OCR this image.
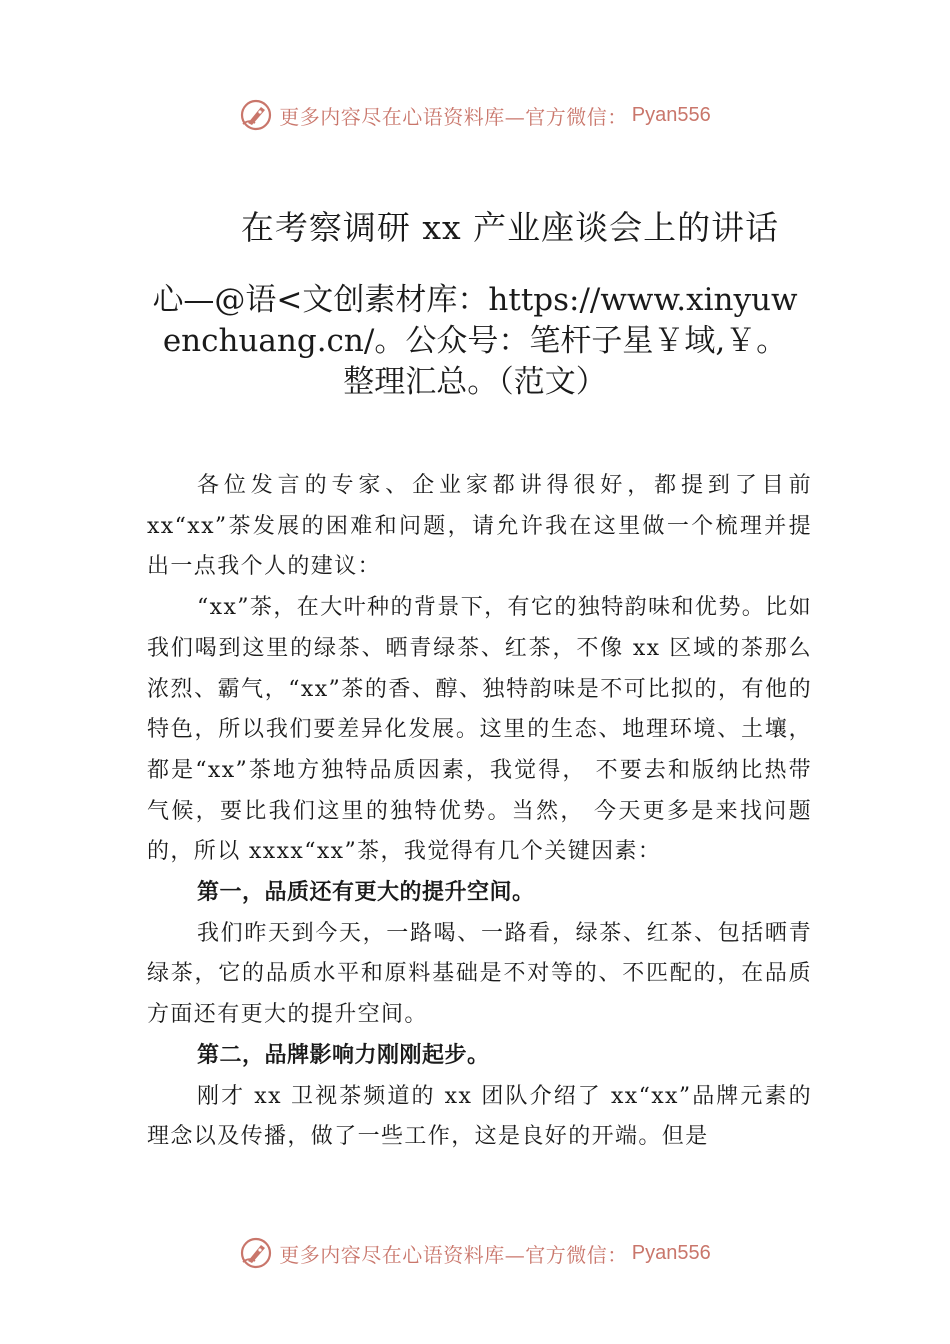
更多内容尽在心语资料库—官方微信： Pyan556
在考察调研 xx 产业座谈会上的讲话
心—@语<文创素材库：https://www.xinyuwenchuang.cn/。公众号：笔杆子星￥域,￥。整理汇总。（范文）

各位发言的专家、企业家都讲得很好，都提到了目前 xx“xx”茶发展的困难和问题，请允许我在这里做一个梳理并提出一点我个人的建议：

“xx”茶，在大叶种的背景下，有它的独特韵味和优势。比如我们喝到这里的绿茶、晒青绿茶、红茶，不像 xx 区域的茶那么浓烈、霸气，“xx”茶的香、醇、独特韵味是不可比拟的，有他的特色，所以我们要差异化发展。这里的生态、地理环境、土壤，都是“xx”茶地方独特品质因素，我觉得， 不要去和版纳比热带气候，要比我们这里的独特优势。当然， 今天更多是来找问题的，所以 xxxx“xx”茶，我觉得有几个关键因素：

第一，品质还有更大的提升空间。

我们昨天到今天，一路喝、一路看，绿茶、红茶、包括晒青绿茶，它的品质水平和原料基础是不对等的、不匹配的，在品质方面还有更大的提升空间。

第二，品牌影响力刚刚起步。

刚才 xx 卫视茶频道的 xx 团队介绍了 xx“xx”品牌元素的理念以及传播，做了一些工作，这是良好的开端。但是

更多内容尽在心语资料库—官方微信： Pyan556
